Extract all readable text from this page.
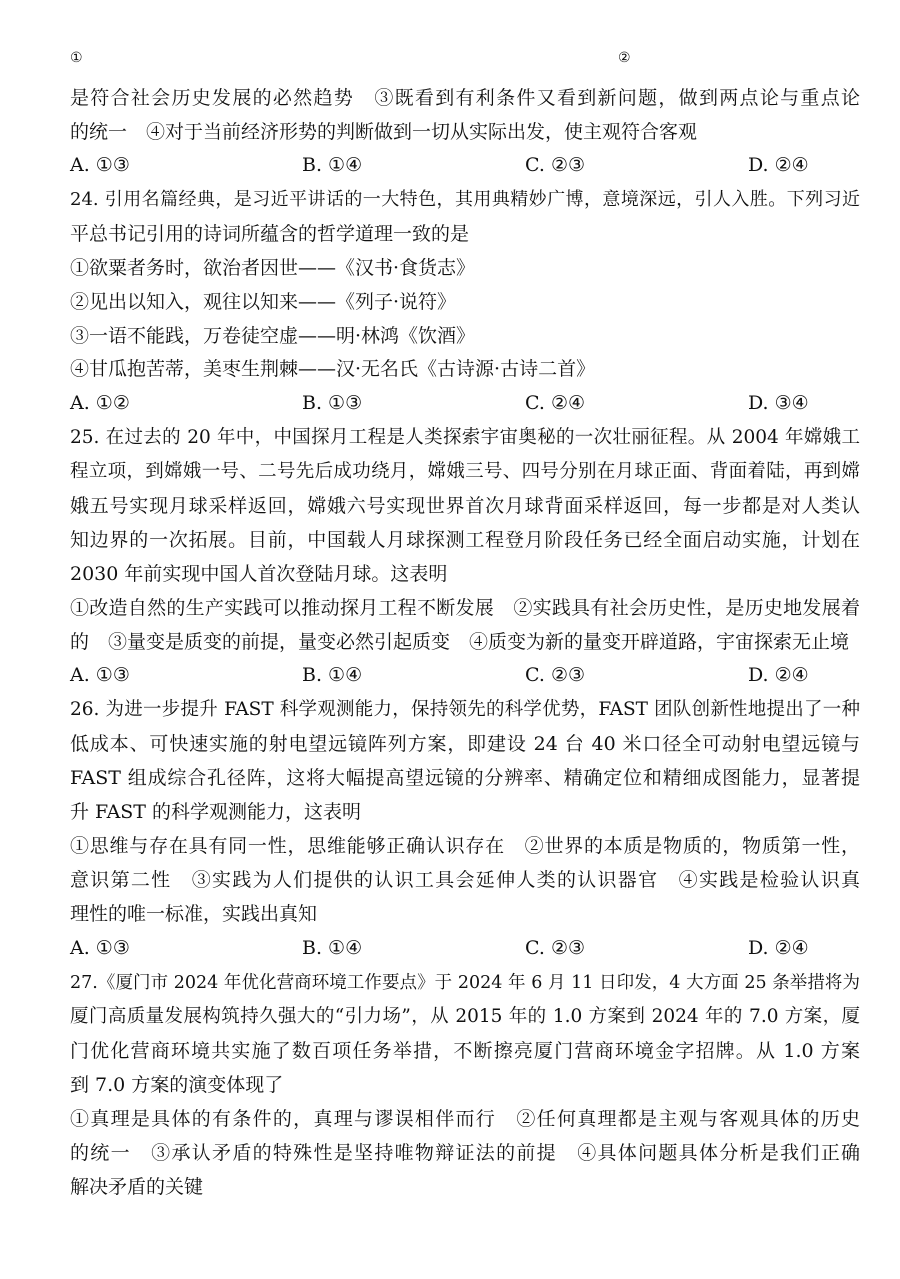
①	②
是符合社会历史发展的必然趋势　③既看到有利条件又看到新问题，做到两点论与重点论
的统一　④对于当前经济形势的判断做到一切从实际出发，使主观符合客观
A. ①③	B. ①④	C. ②③	D. ②④
24. 引用名篇经典，是习近平讲话的一大特色，其用典精妙广博，意境深远，引人入胜。下列习近
平总书记引用的诗词所蕴含的哲学道理一致的是
①欲粟者务时，欲治者因世——《汉书·食货志》
②见出以知入，观往以知来——《列子·说符》
③一语不能践，万卷徒空虚——明·林鸿《饮酒》
④甘瓜抱苦蒂，美枣生荆棘——汉·无名氏《古诗源·古诗二首》
A. ①②	B. ①③	C. ②④	D. ③④
25. 在过去的 20 年中，中国探月工程是人类探索宇宙奥秘的一次壮丽征程。从 2004 年嫦娥工
程立项，到嫦娥一号、二号先后成功绕月，嫦娥三号、四号分别在月球正面、背面着陆，再到嫦
娥五号实现月球采样返回，嫦娥六号实现世界首次月球背面采样返回，每一步都是对人类认
知边界的一次拓展。目前，中国载人月球探测工程登月阶段任务已经全面启动实施，计划在
2030 年前实现中国人首次登陆月球。这表明
①改造自然的生产实践可以推动探月工程不断发展　②实践具有社会历史性，是历史地发展着
的　③量变是质变的前提，量变必然引起质变　④质变为新的量变开辟道路，宇宙探索无止境
A. ①③	B. ①④	C. ②③	D. ②④
26. 为进一步提升 FAST 科学观测能力，保持领先的科学优势，FAST 团队创新性地提出了一种
低成本、可快速实施的射电望远镜阵列方案，即建设 24 台 40 米口径全可动射电望远镜与
FAST 组成综合孔径阵，这将大幅提高望远镜的分辨率、精确定位和精细成图能力，显著提
升 FAST 的科学观测能力，这表明
①思维与存在具有同一性，思维能够正确认识存在　②世界的本质是物质的，物质第一性，
意识第二性　③实践为人们提供的认识工具会延伸人类的认识器官　④实践是检验认识真
理性的唯一标准，实践出真知
A. ①③	B. ①④	C. ②③	D. ②④
27.《厦门市 2024 年优化营商环境工作要点》于 2024 年 6 月 11 日印发，4 大方面 25 条举措将为
厦门高质量发展构筑持久强大的“引力场”，从 2015 年的 1.0 方案到 2024 年的 7.0 方案，厦
门优化营商环境共实施了数百项任务举措，不断擦亮厦门营商环境金字招牌。从 1.0 方案
到 7.0 方案的演变体现了
①真理是具体的有条件的，真理与谬误相伴而行　②任何真理都是主观与客观具体的历史
的统一　③承认矛盾的特殊性是坚持唯物辩证法的前提　④具体问题具体分析是我们正确
解决矛盾的关键
